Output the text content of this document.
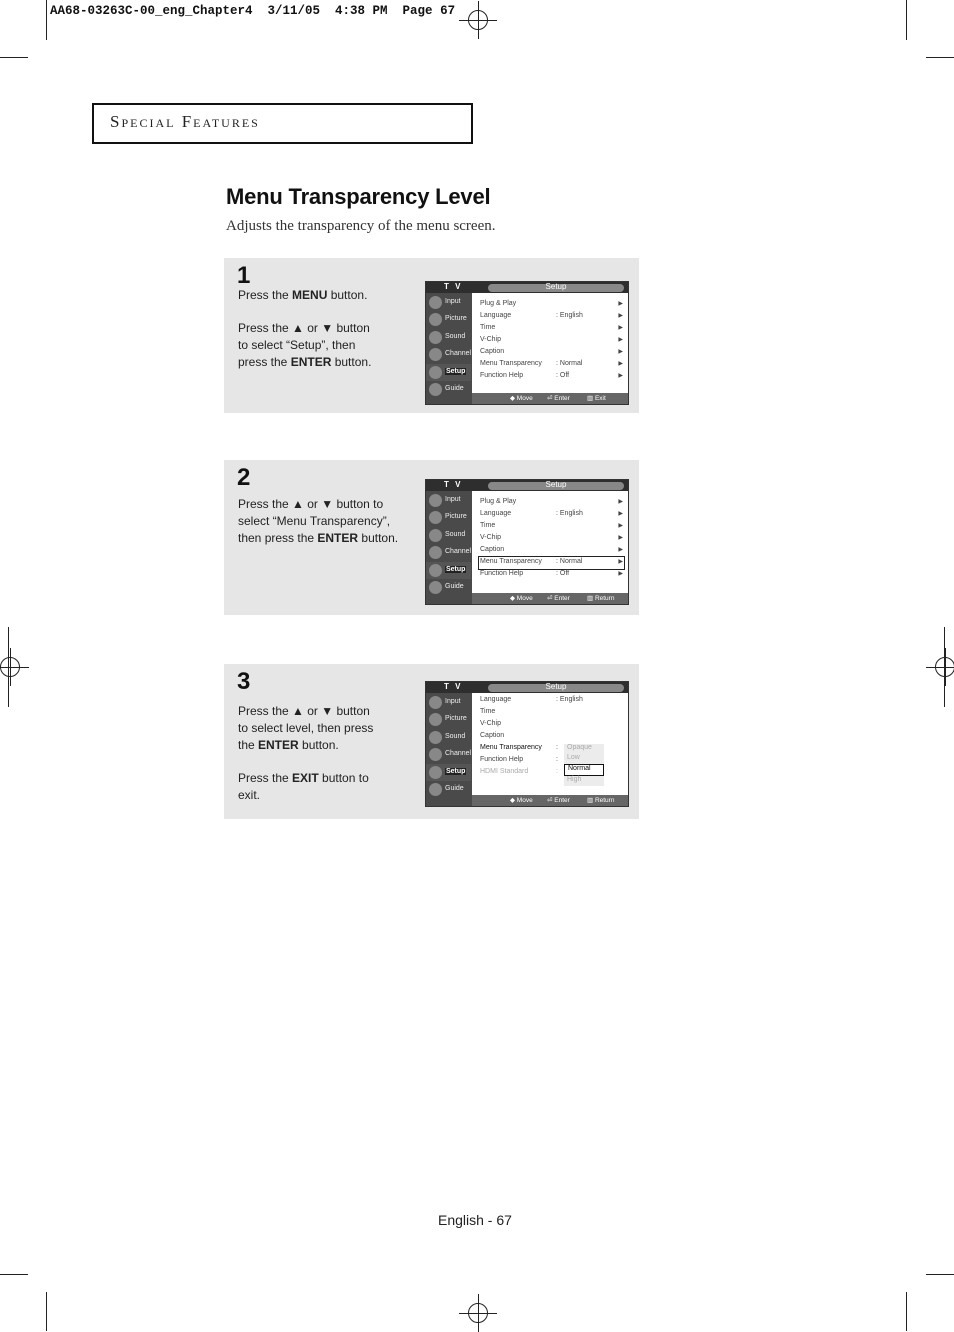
AA68-03263C-00_eng_Chapter4  3/11/05  4:38 PM  Page 67
Special Features
Menu Transparency Level
Adjusts the transparency of the menu screen.

Press the MENU button.

Press the ▲ or ▼ button to select “Setup”, then press the ENTER button.

T V	Setup
Input
Picture
Sound
Channel
Setup
Guide
Plug & Play	▶
Language	: English	▶
Time	▶
V-Chip	▶
Caption	▶
Menu Transparency : Normal	▶
Function Help	: Off	▶
◆ Move ⏎ Enter	▥ Exit
1

Press the ▲ or ▼ button to select “Menu Transparency”, then press the ENTER button.

T V	Setup
Input
Picture
Sound
Channel
Setup
Guide
Plug & Play	▶
Language	: English	▶
Time	▶
V-Chip	▶
Caption	▶
Menu Transparency : Normal	▶
Function Help	: Off	▶
◆ Move ⏎ Enter	▥ Return
2

Press the ▲ or ▼ button to select level, then press the ENTER button.

Press the EXIT button to exit.

T V	Setup
Input
Picture
Sound
Channel
Setup
Guide
Language	: English
Time
V-Chip
Caption
Menu Transparency :
Function Help	:
HDMI Standard	:
Opaque
Low
Normal
High
◆ Move ⏎ Enter	▥ Return
3
English - 67
